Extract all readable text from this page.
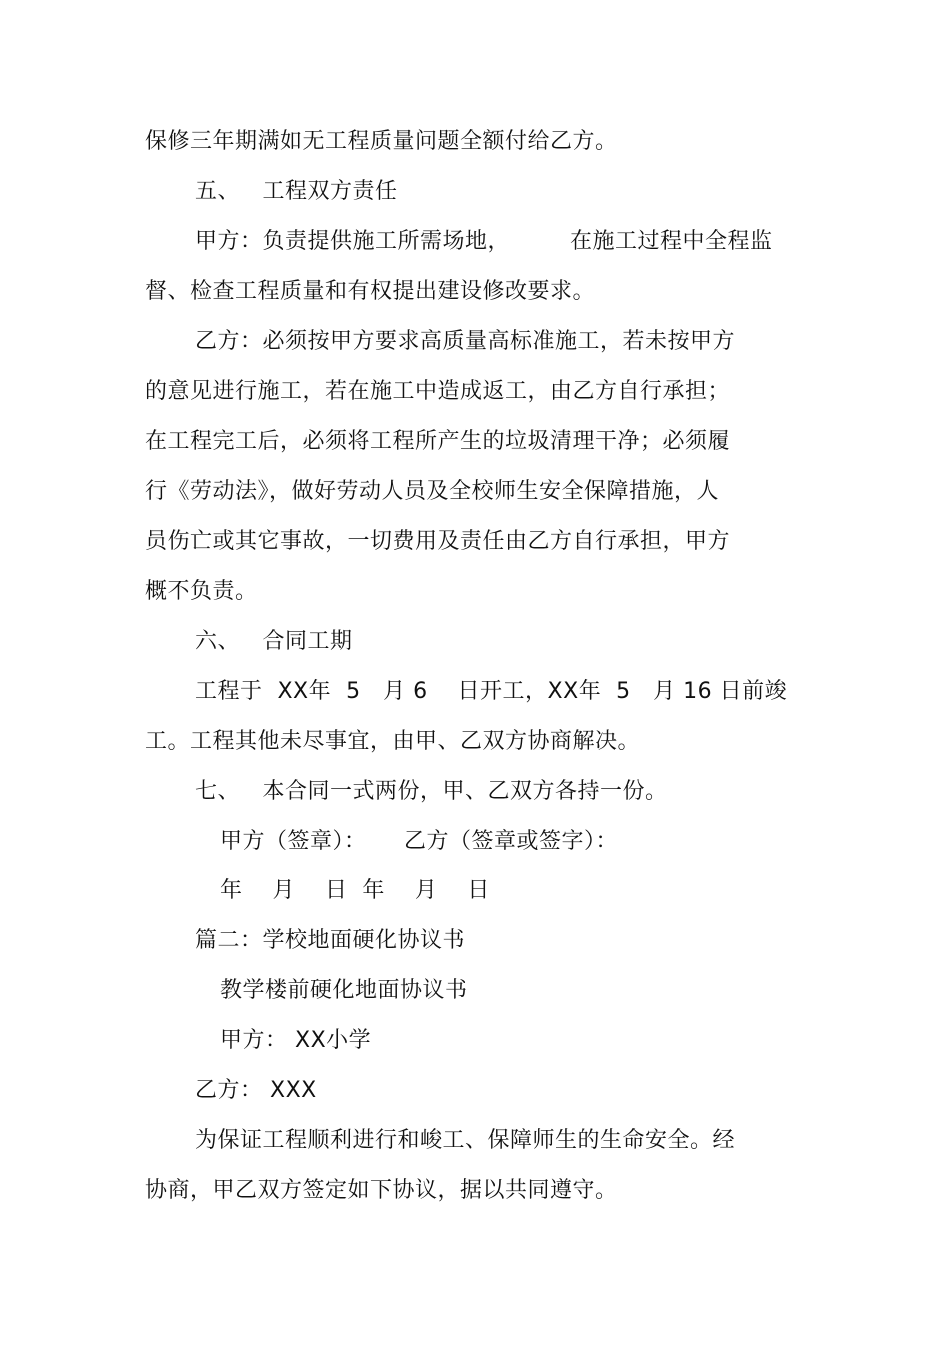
保修三年期满如无工程质量问题全额付给乙方。
五、   工程双方责任
甲方：负责提供施工所需场地，        在施工过程中全程监
督、检查工程质量和有权提出建设修改要求。
乙方：必须按甲方要求高质量高标准施工，若未按甲方
的意见进行施工，若在施工中造成返工，由乙方自行承担；
在工程完工后，必须将工程所产生的垃圾清理干净；必须履
行《劳动法》，做好劳动人员及全校师生安全保障措施，人
员伤亡或其它事故，一切费用及责任由乙方自行承担，甲方
概不负责。
六、   合同工期
工程于  XX年  5   月 6    日开工，XX年  5   月 16 日前竣
工。工程其他未尽事宜，由甲、乙双方协商解决。
七、   本合同一式两份，甲、乙双方各持一份。
甲方（签章）：     乙方（签章或签字）：
年    月    日  年    月    日
篇二：学校地面硬化协议书
教学楼前硬化地面协议书
甲方： XX小学
乙方： XXX
为保证工程顺利进行和峻工、保障师生的生命安全。经
协商，甲乙双方签定如下协议，据以共同遵守。
